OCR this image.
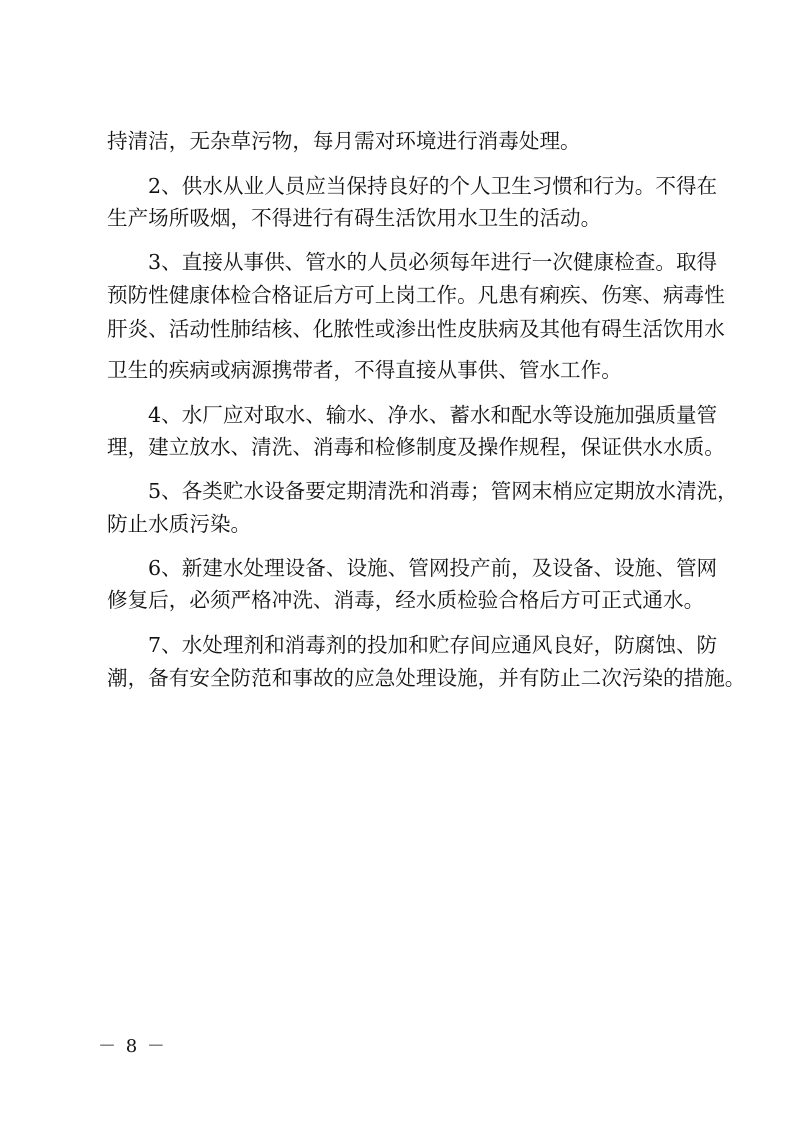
持清洁，无杂草污物，每月需对环境进行消毒处理。
2、供水从业人员应当保持良好的个人卫生习惯和行为。不得在
生产场所吸烟，不得进行有碍生活饮用水卫生的活动。
3、直接从事供、管水的人员必须每年进行一次健康检查。取得
预防性健康体检合格证后方可上岗工作。凡患有痢疾、伤寒、病毒性
肝炎、活动性肺结核、化脓性或渗出性皮肤病及其他有碍生活饮用水
卫生的疾病或病源携带者，不得直接从事供、管水工作。
4、水厂应对取水、输水、净水、蓄水和配水等设施加强质量管
理，建立放水、清洗、消毒和检修制度及操作规程，保证供水水质。
5、各类贮水设备要定期清洗和消毒；管网末梢应定期放水清洗，
防止水质污染。
6、新建水处理设备、设施、管网投产前，及设备、设施、管网
修复后，必须严格冲洗、消毒，经水质检验合格后方可正式通水。
7、水处理剂和消毒剂的投加和贮存间应通风良好，防腐蚀、防
潮，备有安全防范和事故的应急处理设施，并有防止二次污染的措施。
－ 8 －
